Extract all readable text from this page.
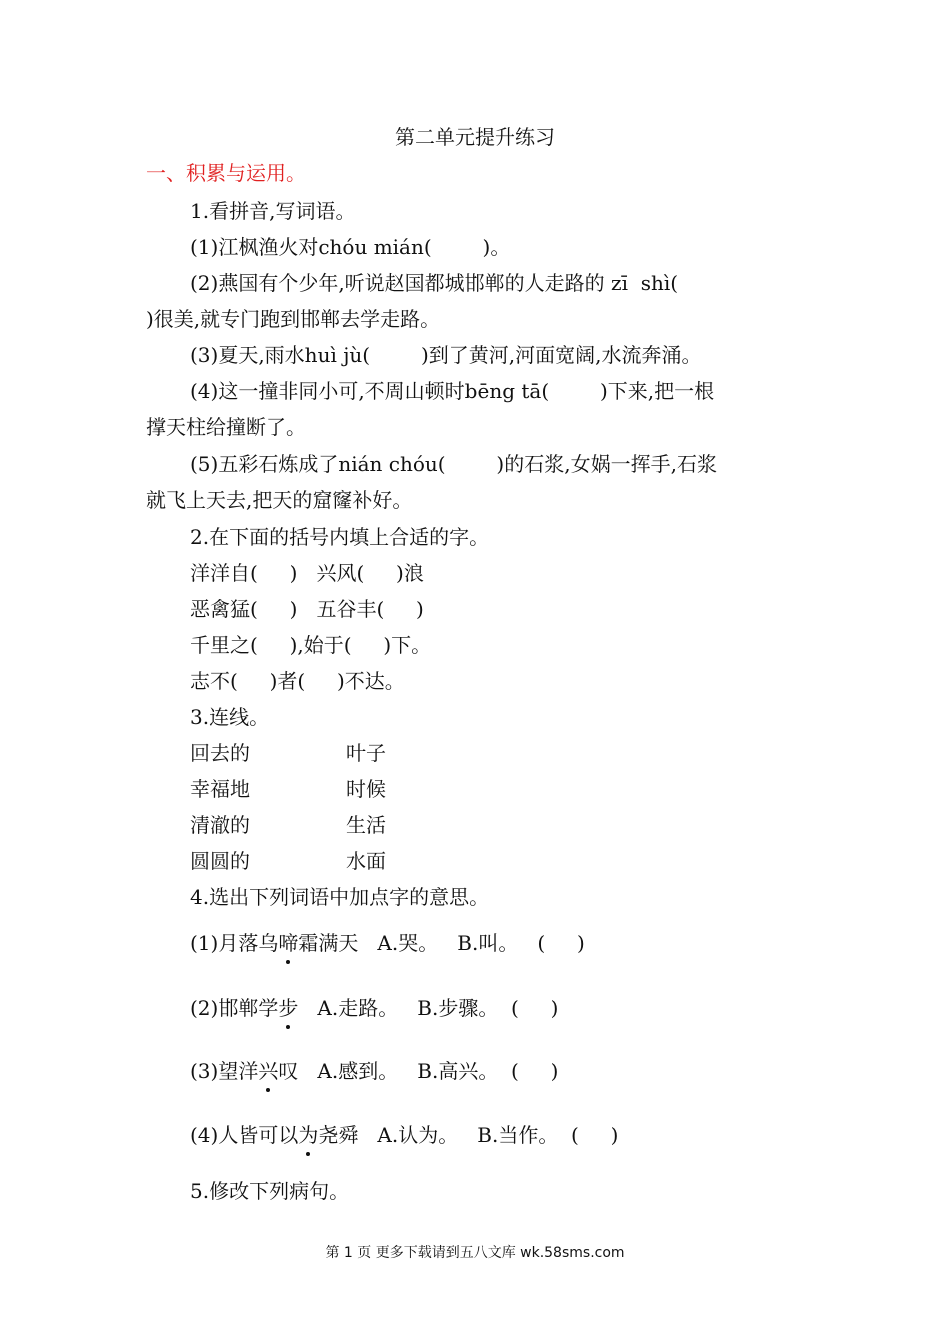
第二单元提升练习
一、积累与运用。
1.看拼音,写词语。
(1)江枫渔火对chóu mián(        )。
(2)燕国有个少年,听说赵国都城邯郸的人走路的 zī  shì(
)很美,就专门跑到邯郸去学走路。
(3)夏天,雨水huì jù(        )到了黄河,河面宽阔,水流奔涌。
(4)这一撞非同小可,不周山顿时bēng tā(        )下来,把一根
撑天柱给撞断了。
(5)五彩石炼成了nián chóu(        )的石浆,女娲一挥手,石浆
就飞上天去,把天的窟窿补好。
2.在下面的括号内填上合适的字。
洋洋自(     )   兴风(     )浪
恶禽猛(     )   五谷丰(     )
千里之(     ),始于(     )下。
志不(     )者(     )不达。
3.连线。
回去的	叶子
幸福地	时候
清澈的	生活
圆圆的	水面
4.选出下列词语中加点字的意思。
(1)月落乌啼霜满天   A.哭。   B.叫。   (     )
(2)邯郸学步   A.走路。   B.步骤。  (     )
(3)望洋兴叹   A.感到。   B.高兴。  (     )
(4)人皆可以为尧舜   A.认为。   B.当作。  (     )
5.修改下列病句。
第 1 页 更多下载请到五八文库 wk.58sms.com
